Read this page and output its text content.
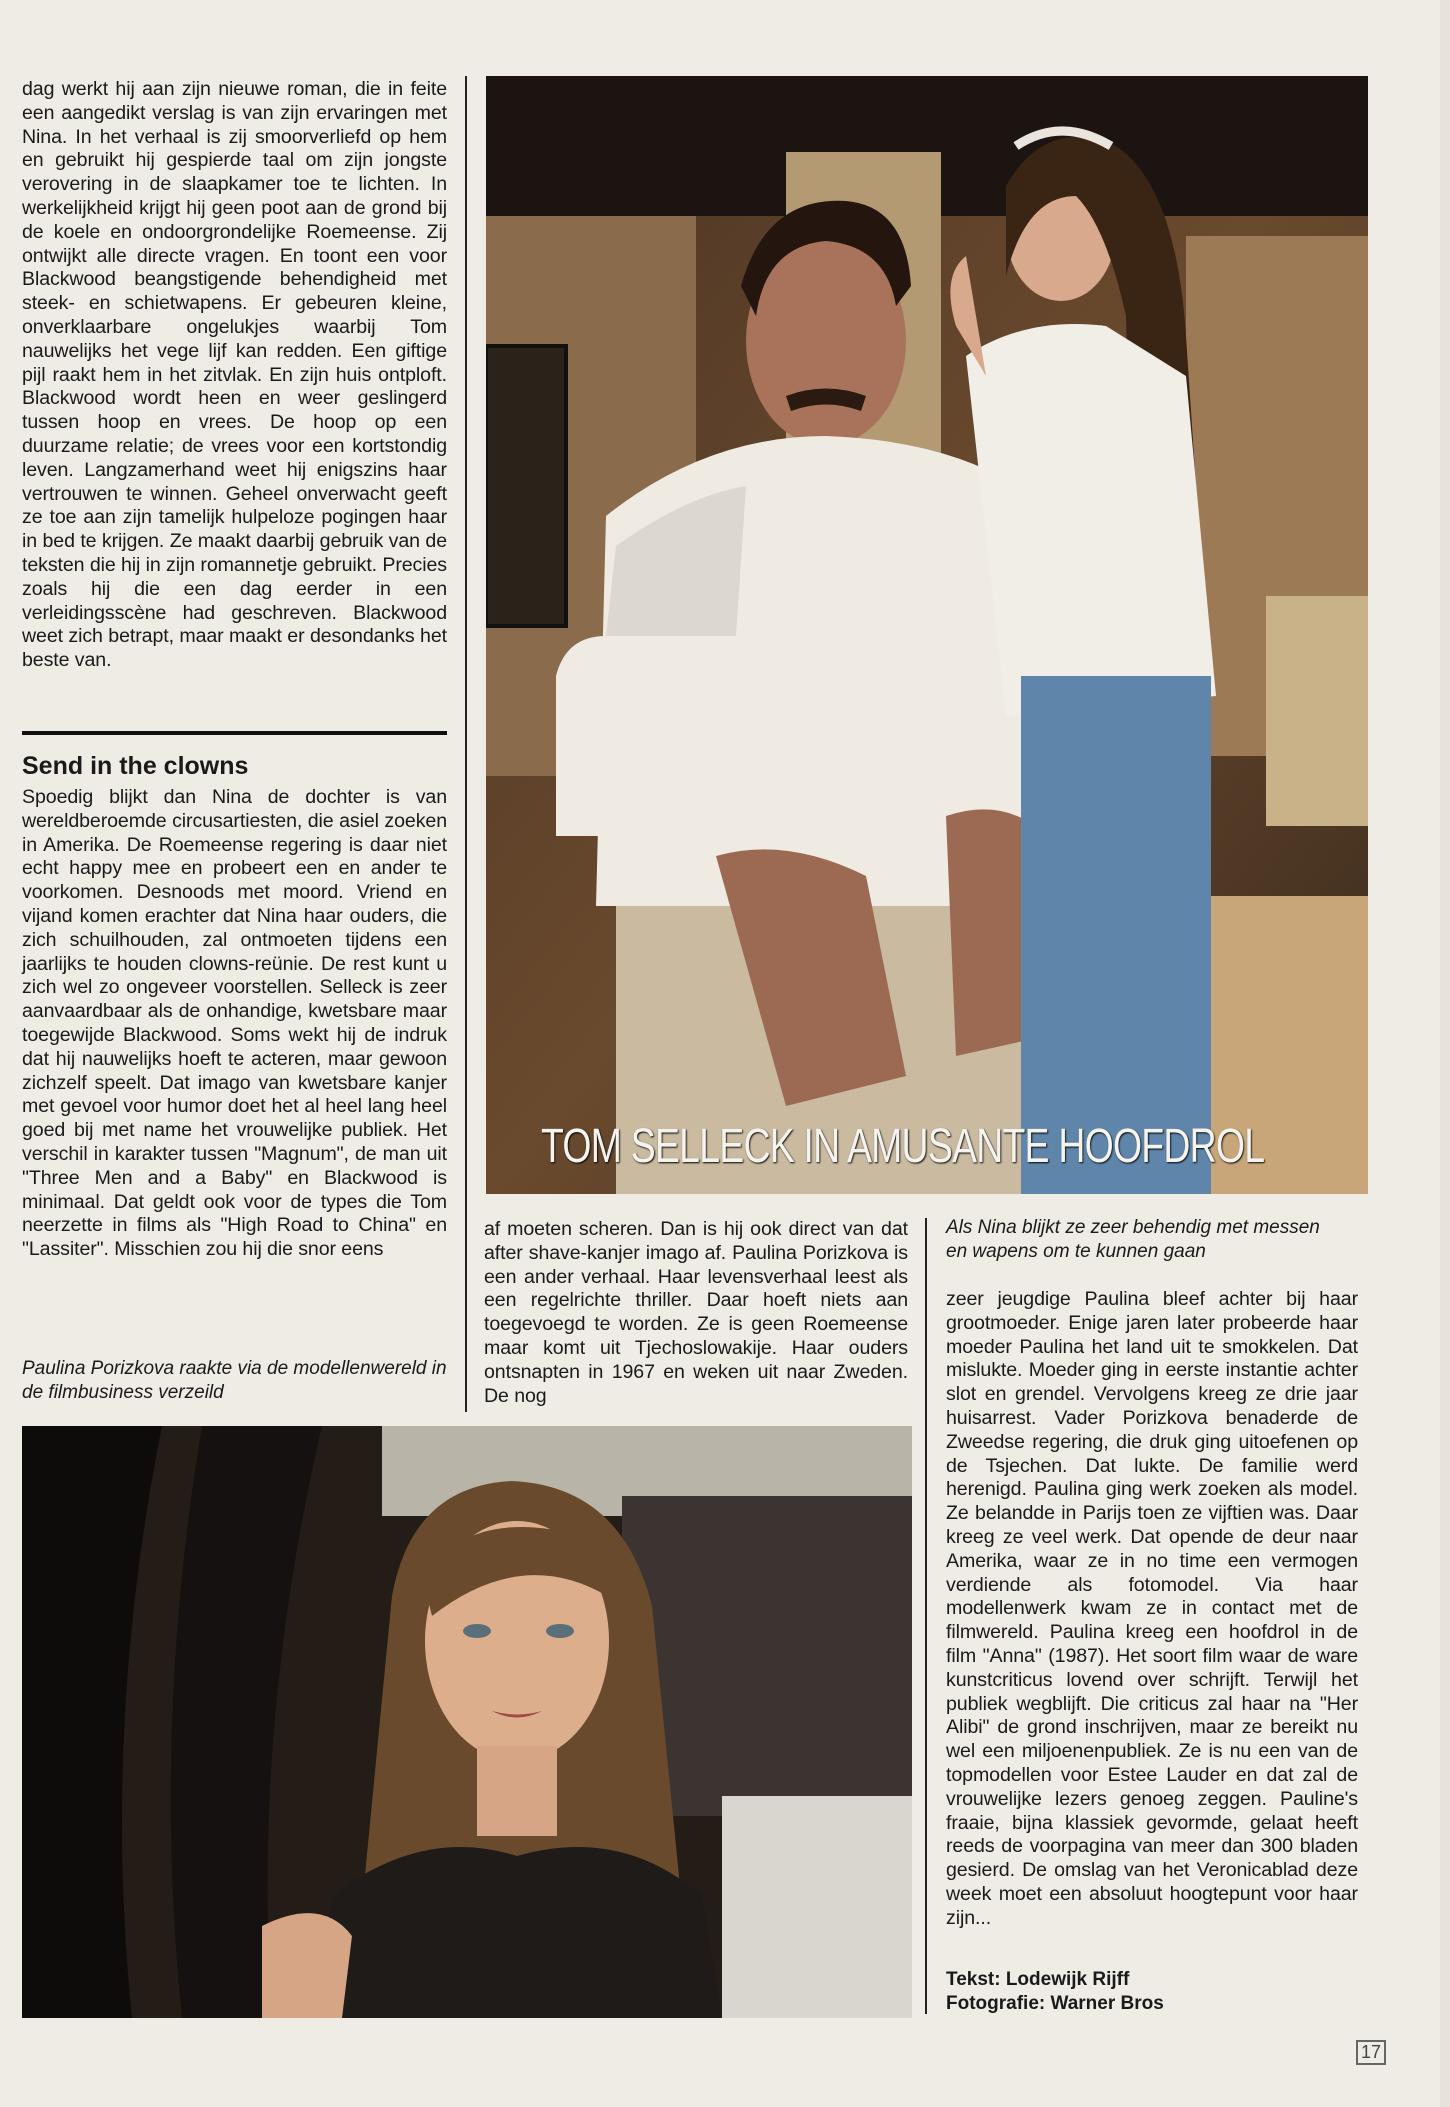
dag werkt hij aan zijn nieuwe roman, die in feite een aangedikt verslag is van zijn ervaringen met Nina. In het verhaal is zij smoorverliefd op hem en gebruikt hij gespierde taal om zijn jongste verovering in de slaapkamer toe te lichten. In werkelijkheid krijgt hij geen poot aan de grond bij de koele en ondoorgrondelijke Roemeense. Zij ontwijkt alle directe vragen. En toont een voor Blackwood beangstigende behendigheid met steek- en schietwapens. Er gebeuren kleine, onverklaarbare ongelukjes waarbij Tom nauwelijks het vege lijf kan redden. Een giftige pijl raakt hem in het zitvlak. En zijn huis ontploft. Blackwood wordt heen en weer geslingerd tussen hoop en vrees. De hoop op een duurzame relatie; de vrees voor een kortstondig leven. Langzamerhand weet hij enigszins haar vertrouwen te winnen. Geheel onverwacht geeft ze toe aan zijn tamelijk hulpeloze pogingen haar in bed te krijgen. Ze maakt daarbij gebruik van de teksten die hij in zijn romannetje gebruikt. Precies zoals hij die een dag eerder in een verleidingsscène had geschreven. Blackwood weet zich betrapt, maar maakt er desondanks het beste van.

Send in the clowns

Spoedig blijkt dan Nina de dochter is van wereldberoemde circusartiesten, die asiel zoeken in Amerika. De Roemeense regering is daar niet echt happy mee en probeert een en ander te voorkomen. Desnoods met moord. Vriend en vijand komen erachter dat Nina haar ouders, die zich schuilhouden, zal ontmoeten tijdens een jaarlijks te houden clowns-reünie. De rest kunt u zich wel zo ongeveer voorstellen. Selleck is zeer aanvaardbaar als de onhandige, kwetsbare maar toegewijde Blackwood. Soms wekt hij de indruk dat hij nauwelijks hoeft te acteren, maar gewoon zichzelf speelt. Dat imago van kwetsbare kanjer met gevoel voor humor doet het al heel lang heel goed bij met name het vrouwelijke publiek. Het verschil in karakter tussen "Magnum", de man uit "Three Men and a Baby" en Blackwood is minimaal. Dat geldt ook voor de types die Tom neerzette in films als "High Road to China" en "Lassiter". Misschien zou hij die snor eens

Paulina Porizkova raakte via de modellenwereld in de filmbusiness verzeild
TOM SELLECK IN AMUSANTE HOOFDROL

af moeten scheren. Dan is hij ook direct van dat after shave-kanjer imago af. Paulina Porizkova is een ander verhaal. Haar levensverhaal leest als een regelrichte thriller. Daar hoeft niets aan toegevoegd te worden. Ze is geen Roemeense maar komt uit Tjechoslowakije. Haar ouders ontsnapten in 1967 en weken uit naar Zweden. De nog

Als Nina blijkt ze zeer behendig met messen en wapens om te kunnen gaan

zeer jeugdige Paulina bleef achter bij haar grootmoeder. Enige jaren later probeerde haar moeder Paulina het land uit te smokkelen. Dat mislukte. Moeder ging in eerste instantie achter slot en grendel. Vervolgens kreeg ze drie jaar huisarrest. Vader Porizkova benaderde de Zweedse regering, die druk ging uitoefenen op de Tsjechen. Dat lukte. De familie werd herenigd. Paulina ging werk zoeken als model. Ze belandde in Parijs toen ze vijftien was. Daar kreeg ze veel werk. Dat opende de deur naar Amerika, waar ze in no time een vermogen verdiende als fotomodel. Via haar modellenwerk kwam ze in contact met de filmwereld. Paulina kreeg een hoofdrol in de film "Anna" (1987). Het soort film waar de ware kunstcriticus lovend over schrijft. Terwijl het publiek wegblijft. Die criticus zal haar na "Her Alibi" de grond inschrijven, maar ze bereikt nu wel een miljoenenpubliek. Ze is nu een van de topmodellen voor Estee Lauder en dat zal de vrouwelijke lezers genoeg zeggen. Pauline's fraaie, bijna klassiek gevormde, gelaat heeft reeds de voorpagina van meer dan 300 bladen gesierd. De omslag van het Veronicablad deze week moet een absoluut hoogtepunt voor haar zijn...

Tekst: Lodewijk Rijff
Fotografie: Warner Bros
17
